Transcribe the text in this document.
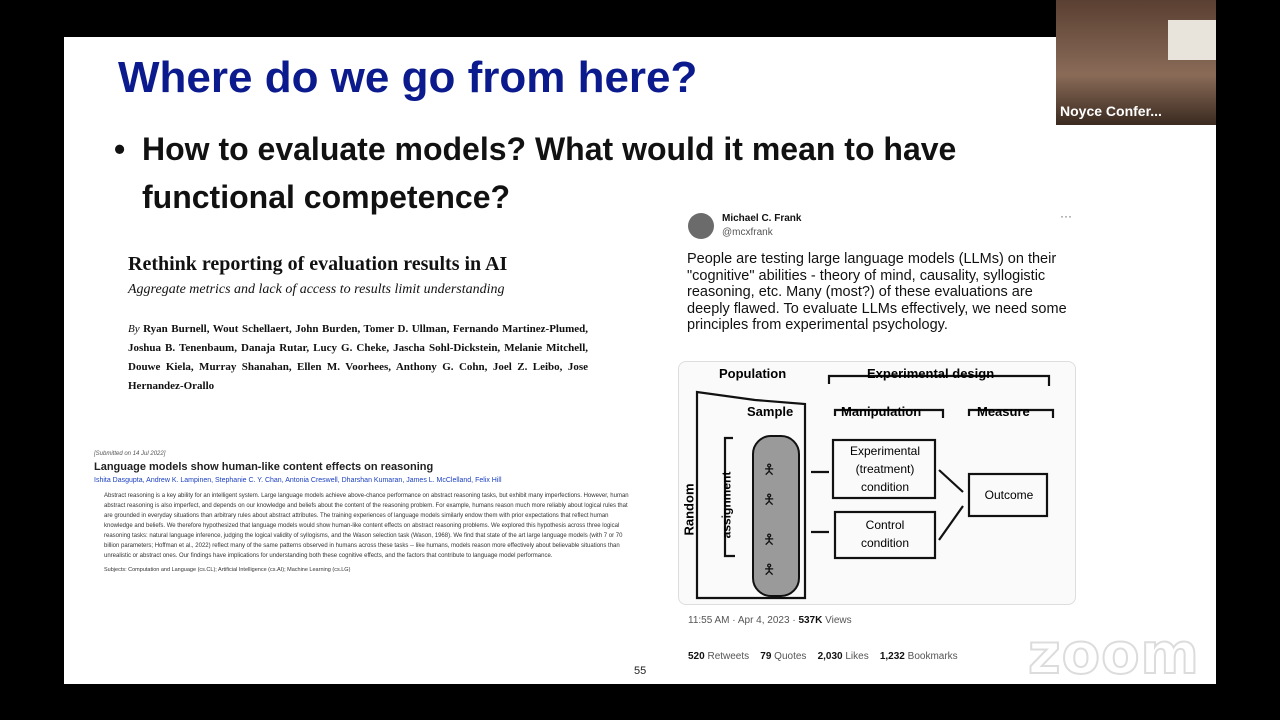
Where do we go from here?
• How to evaluate models? What would it mean to have functional competence?
Rethink reporting of evaluation results in AI
Aggregate metrics and lack of access to results limit understanding
By Ryan Burnell, Wout Schellaert, John Burden, Tomer D. Ullman, Fernando Martinez-Plumed, Joshua B. Tenenbaum, Danaja Rutar, Lucy G. Cheke, Jascha Sohl-Dickstein, Melanie Mitchell, Douwe Kiela, Murray Shanahan, Ellen M. Voorhees, Anthony G. Cohn, Joel Z. Leibo, Jose Hernandez-Orallo
[Submitted on 14 Jul 2022]
Language models show human-like content effects on reasoning
Ishita Dasgupta, Andrew K. Lampinen, Stephanie C. Y. Chan, Antonia Creswell, Dharshan Kumaran, James L. McClelland, Felix Hill
Abstract reasoning is a key ability for an intelligent system. Large language models achieve above-chance performance on abstract reasoning tasks, but exhibit many imperfections. However, human abstract reasoning is also imperfect, and depends on our knowledge and beliefs about the content of the reasoning problem. For example, humans reason much more reliably about logical rules that are grounded in everyday situations than arbitrary rules about abstract attributes. The training experiences of language models similarly endow them with prior expectations that reflect human knowledge and beliefs. We therefore hypothesized that language models would show human-like content effects on abstract reasoning problems. We explored this hypothesis across three logical reasoning tasks: natural language inference, judging the logical validity of syllogisms, and the Wason selection task (Wason, 1968). We find that state of the art large language models (with 7 or 70 billion parameters; Hoffman et al., 2022) reflect many of the same patterns observed in humans across these tasks -- like humans, models reason more effectively about believable situations than unrealistic or abstract ones. Our findings have implications for understanding both these cognitive effects, and the factors that contribute to language model performance.
Subjects: Computation and Language (cs.CL); Artificial Intelligence (cs.AI); Machine Learning (cs.LG)
Michael C. Frank
@mcxfrank
···
People are testing large language models (LLMs) on their "cognitive" abilities - theory of mind, causality, syllogistic reasoning, etc. Many (most?) of these evaluations are deeply flawed. To evaluate LLMs effectively, we need some principles from experimental psychology.
🯅
🯅
🯅
🯅
Population	Experimental design
Sample	Manipulation	Measure
Random assignment
Experimental
(treatment)
condition
Control
condition
Outcome
11:55 AM · Apr 4, 2023 · 537K Views
520 Retweets 79 Quotes 2,030 Likes 1,232 Bookmarks
55	zoom
Noyce Confer...
